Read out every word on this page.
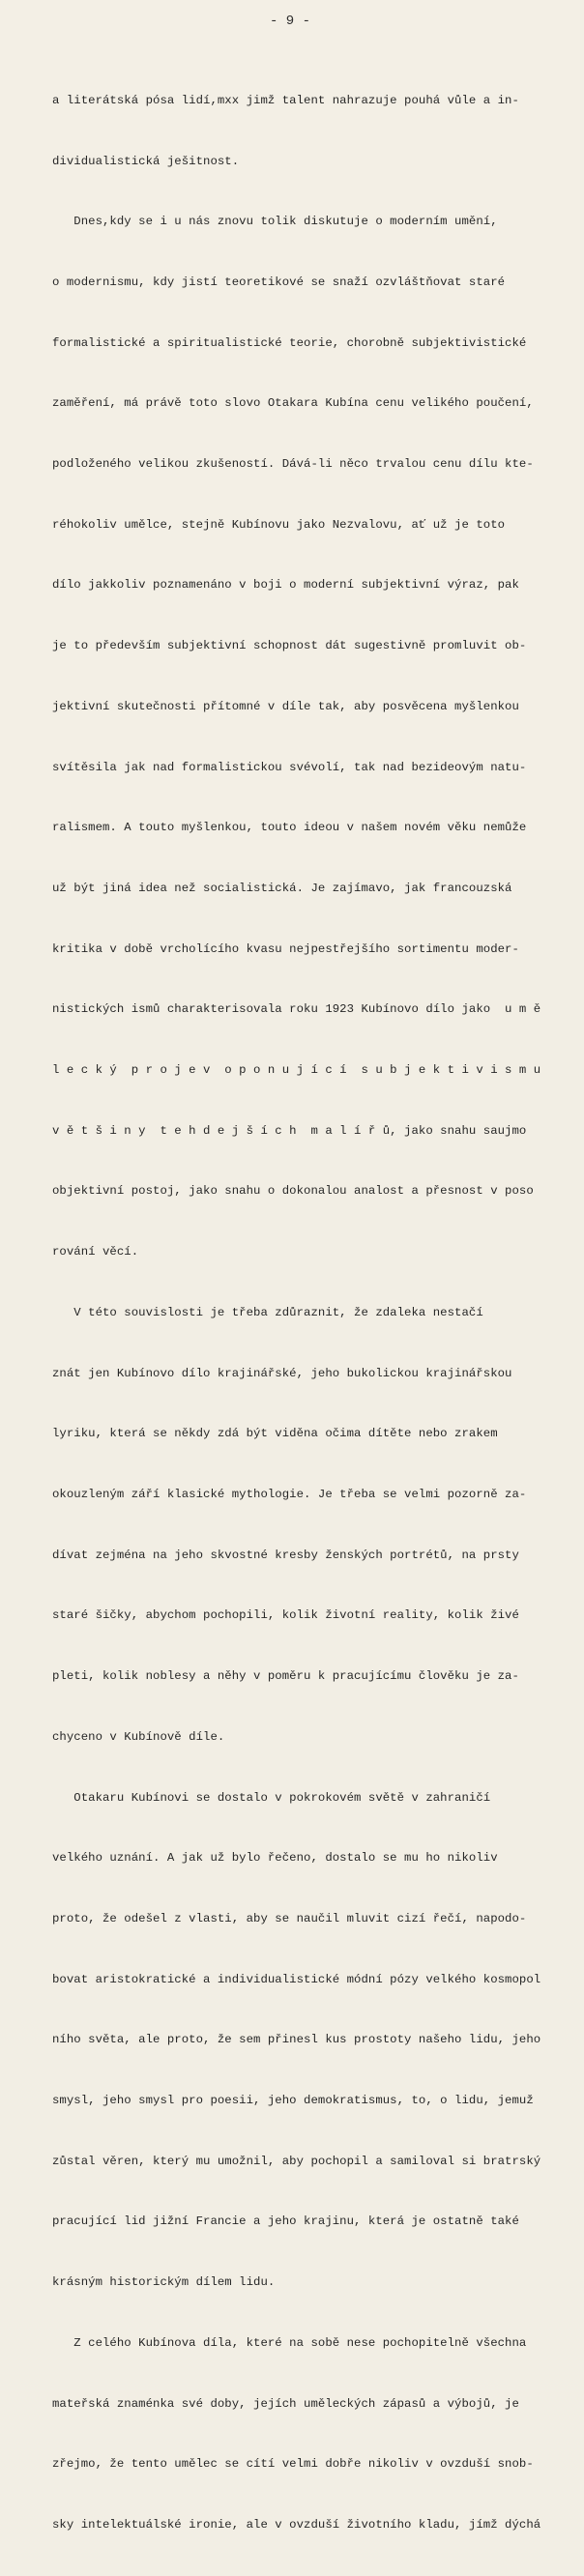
- 9 -

a literátská pósa lidí,mxx jimž talent nahrazuje pouhá vůle a in-

dividualistická ješitnost.

Dnes,kdy se i u nás znovu tolik diskutuje o moderním umění,

o modernismu, kdy jistí teoretikové se snaží ozvláštňovat staré

formalistické a spiritualistické teorie, chorobně subjektivistické

zaměření, má právě toto slovo Otakara Kubína cenu velikého poučení,

podloženého velikou zkušeností. Dává-li něco trvalou cenu dílu kte-

réhokoliv umělce, stejně Kubínovu jako Nezvalovu, ať už je toto

dílo jakkoliv poznamenáno v boji o moderní subjektivní výraz, pak

je to především subjektivní schopnost dát sugestivně promluvit ob-

jektivní skutečnosti přítomné v díle tak, aby posvěcena myšlenkou

svítěsila jak nad formalistickou svévolí, tak nad bezideovým natu-

ralismem. A touto myšlenkou, touto ideou v našem novém věku nemůže

už být jiná idea než socialistická. Je zajímavo, jak francouzská

kritika v době vrcholícího kvasu nejpestřejšího sortimentu moder-

nistických ismů charakterisovala roku 1923 Kubínovo dílo jako  u m ě

l e c k ý  p r o j e v  o p o n u j í c í  s u b j e k t i v i s m u

v ě t š i n y  t e h d e j š í c h  m a l í ř ů, jako snahu saujmo

objektivní postoj, jako snahu o dokonalou analost a přesnost v poso

rování věcí.

V této souvislosti je třeba zdůraznit, že zdaleka nestačí

znát jen Kubínovo dílo krajinářské, jeho bukolickou krajinářskou

lyriku, která se někdy zdá být viděna očima dítěte nebo zrakem

okouzleným září klasické mythologie. Je třeba se velmi pozorně za-

dívat zejména na jeho skvostné kresby ženských portrétů, na prsty

staré šičky, abychom pochopili, kolik životní reality, kolik živé

pleti, kolik noblesy a něhy v poměru k pracujícímu člověku je za-

chyceno v Kubínově díle.

Otakaru Kubínovi se dostalo v pokrokovém světě v zahraničí

velkého uznání. A jak už bylo řečeno, dostalo se mu ho nikoliv

proto, že odešel z vlasti, aby se naučil mluvit cizí řečí, napodo-

bovat aristokratické a individualistické módní pózy velkého kosmopol

ního světa, ale proto, že sem přinesl kus prostoty našeho lidu, jeho

smysl, jeho smysl pro poesii, jeho demokratismus, to, o lidu, jemuž

zůstal věren, který mu umožnil, aby pochopil a samiloval si bratrský

pracující lid jižní Francie a jeho krajinu, která je ostatně také

krásným historickým dílem lidu.

Z celého Kubínova díla, které na sobě nese pochopitelně všechna

mateřská znaménka své doby, jejích uměleckých zápasů a výbojů, je

zřejmo, že tento umělec se cítí velmi dobře nikoliv v ovzduší snob-

sky intelektuálské ironie, ale v ovzduší životního kladu, jímž dýchá
